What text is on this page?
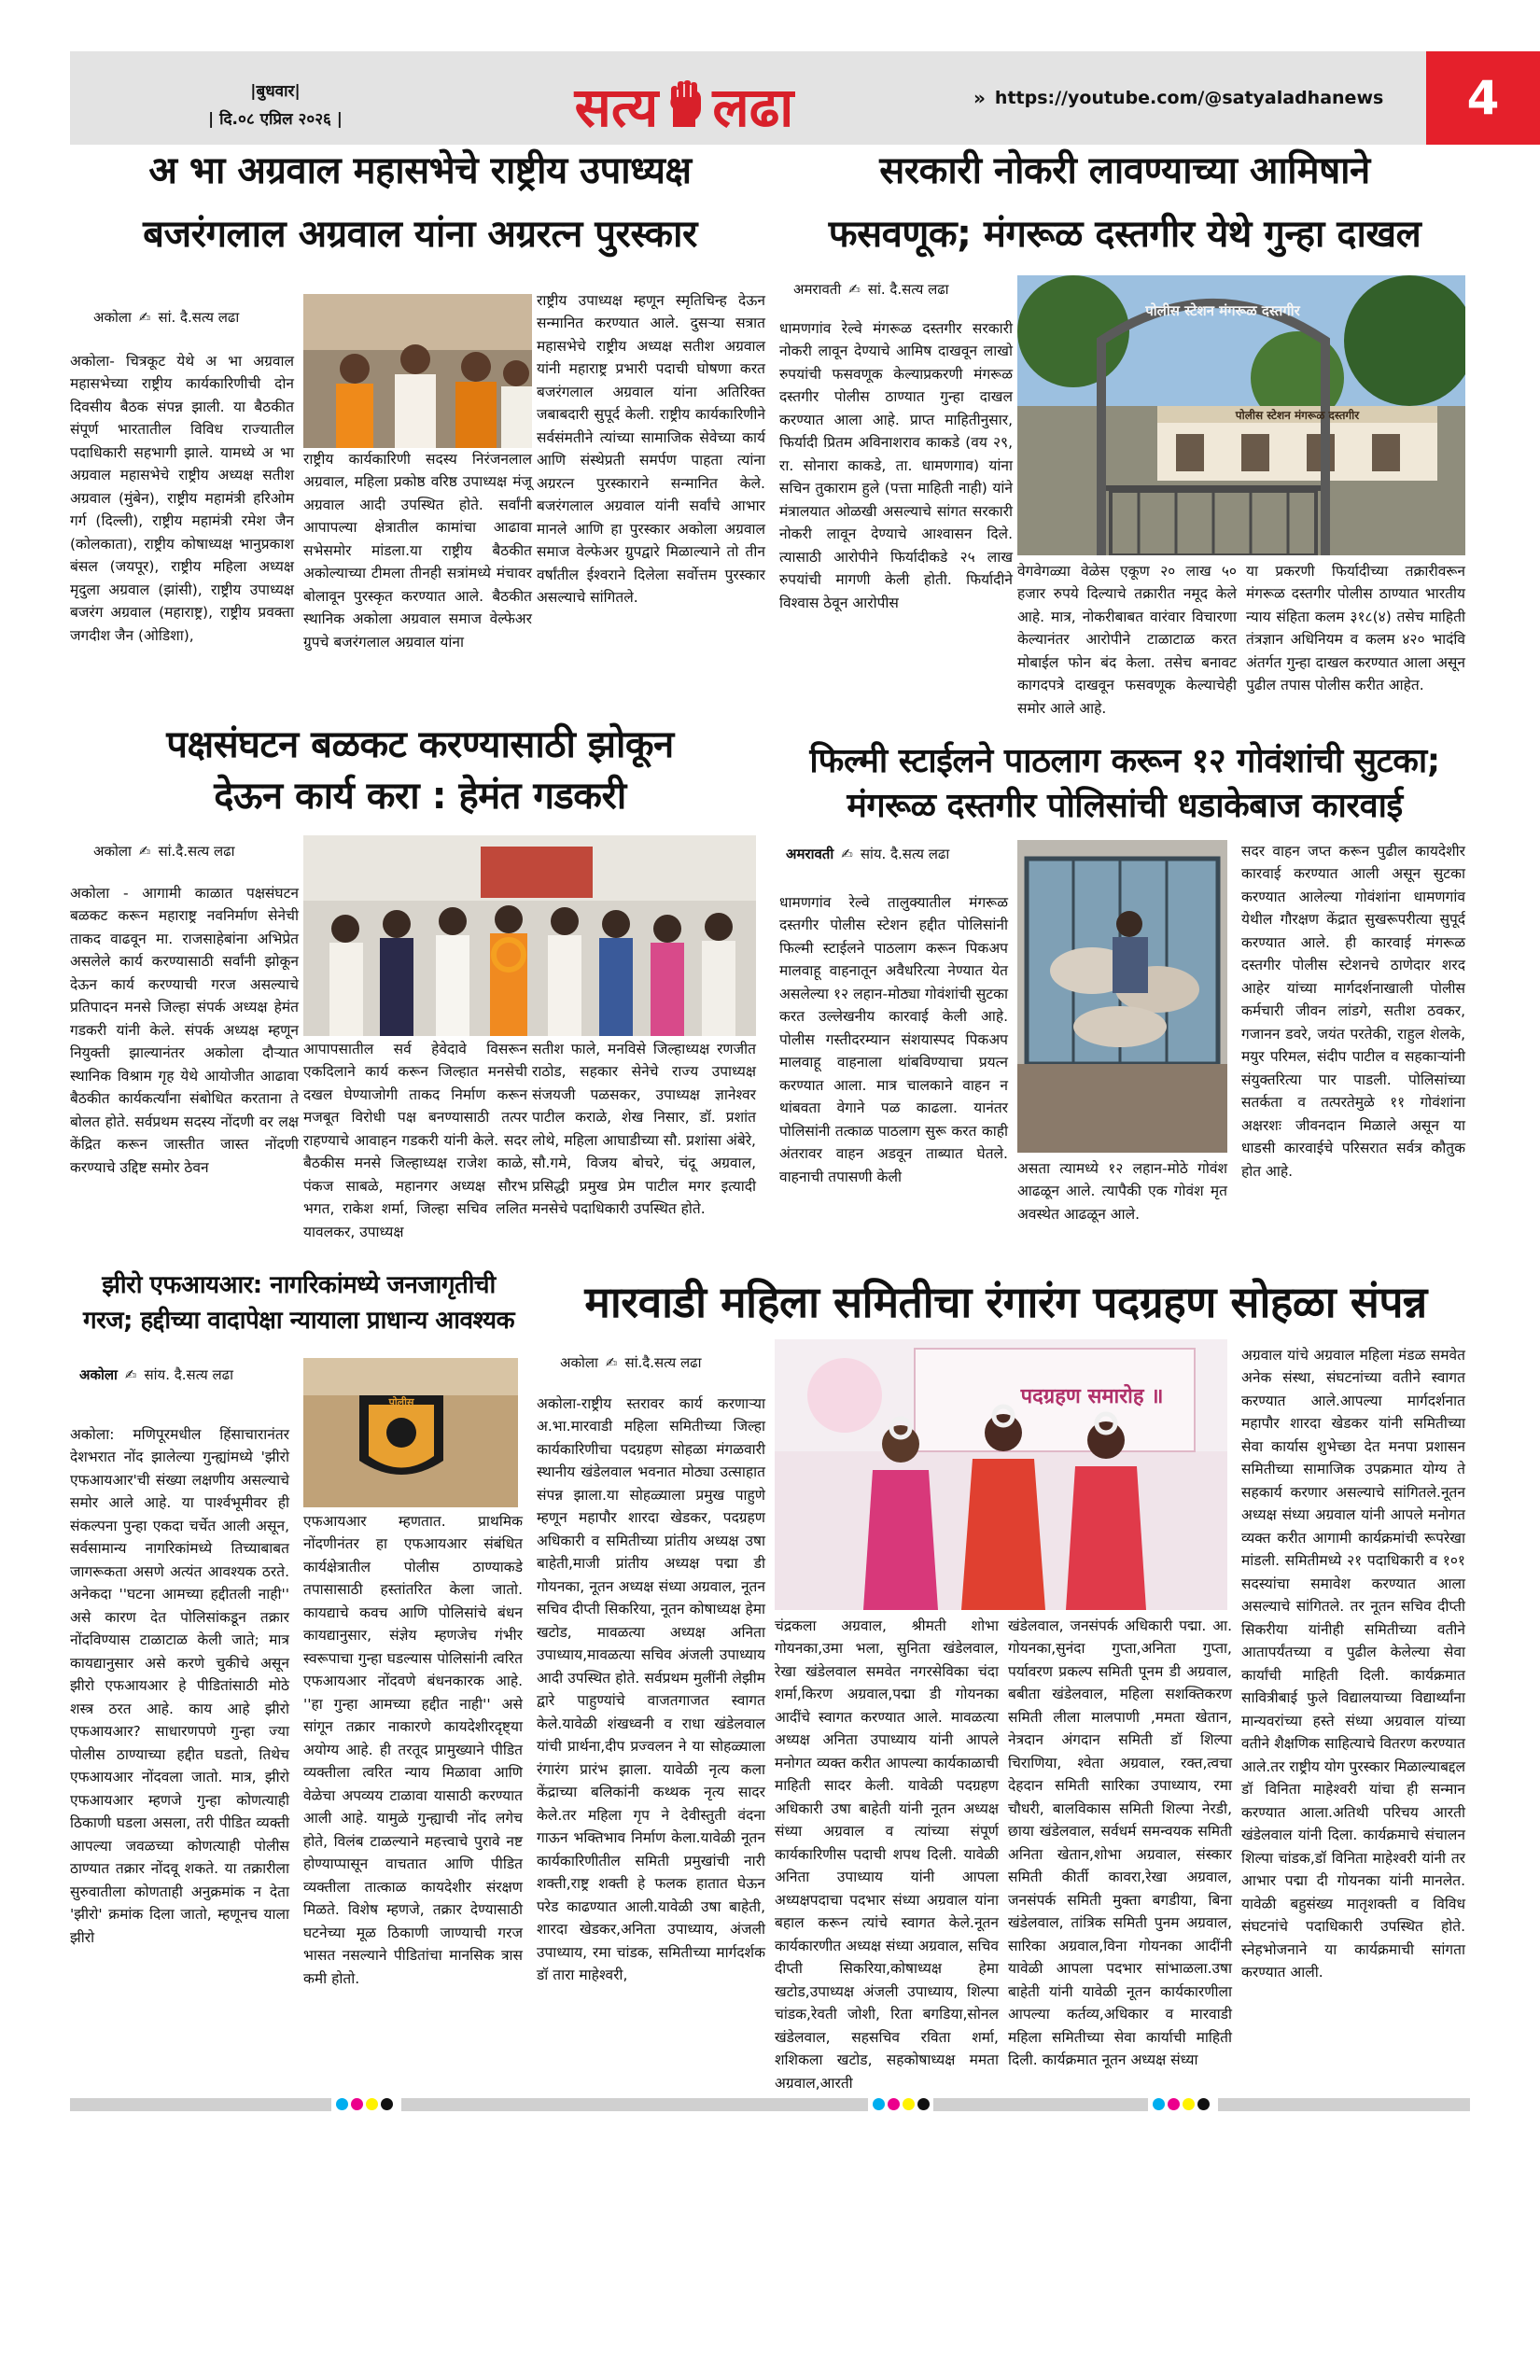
|बुधवार|
| दि.०८ एप्रिल २०२६ |	सत्य लढा	» https://youtube.com/@satyaladhanews	4
अ भा अग्रवाल महासभेचे राष्ट्रीय उपाध्यक्ष
बजरंगलाल अग्रवाल यांना अग्ररत्न पुरस्कार
अकोला ✍ सां. दै.सत्य लढा
अकोला- चित्रकूट येथे अ भा अग्रवाल महासभेच्या राष्ट्रीय कार्यकारिणीची दोन दिवसीय बैठक संपन्न झाली. या बैठकीत संपूर्ण भारतातील विविध राज्यातील पदाधिकारी सहभागी झाले. यामध्ये अ भा अग्रवाल महासभेचे राष्ट्रीय अध्यक्ष सतीश अग्रवाल (मुंबेन), राष्ट्रीय महामंत्री हरिओम गर्ग (दिल्ली), राष्ट्रीय महामंत्री रमेश जैन (कोलकाता), राष्ट्रीय कोषाध्यक्ष भानुप्रकाश बंसल (जयपूर), राष्ट्रीय महिला अध्यक्ष मृदुला अग्रवाल (झांसी), राष्ट्रीय उपाध्यक्ष बजरंग अग्रवाल (महाराष्ट्र), राष्ट्रीय प्रवक्ता जगदीश जैन (ओडिशा),
राष्ट्रीय कार्यकारिणी सदस्य निरंजनलाल अग्रवाल, महिला प्रकोष्ठ वरिष्ठ उपाध्यक्ष मंजू अग्रवाल आदी उपस्थित होते. सर्वांनी आपापल्या क्षेत्रातील कामांचा आढावा सभेसमोर मांडला.या राष्ट्रीय बैठकीत अकोल्याच्या टीमला तीनही सत्रांमध्ये मंचावर बोलावून पुरस्कृत करण्यात आले. बैठकीत स्थानिक अकोला अग्रवाल समाज वेल्फेअर ग्रुपचे बजरंगलाल अग्रवाल यांना
राष्ट्रीय उपाध्यक्ष म्हणून स्मृतिचिन्ह देऊन सन्मानित करण्यात आले. दुसऱ्या सत्रात महासभेचे राष्ट्रीय अध्यक्ष सतीश अग्रवाल यांनी महाराष्ट्र प्रभारी पदाची घोषणा करत बजरंगलाल अग्रवाल यांना अतिरिक्त जबाबदारी सुपूर्द केली. राष्ट्रीय कार्यकारिणीने सर्वसंमतीने त्यांच्या सामाजिक सेवेच्या कार्य आणि संस्थेप्रती समर्पण पाहता त्यांना अग्ररत्न पुरस्काराने सन्मानित केले. बजरंगलाल अग्रवाल यांनी सर्वांचे आभार मानले आणि हा पुरस्कार अकोला अग्रवाल समाज वेल्फेअर ग्रुपद्वारे मिळाल्याने तो तीन वर्षांतील ईश्वराने दिलेला सर्वोत्तम पुरस्कार असल्याचे सांगितले.
सरकारी नोकरी लावण्याच्या आमिषाने
फसवणूक; मंगरूळ दस्तगीर येथे गुन्हा दाखल
अमरावती ✍ सां. दै.सत्य लढा
धामणगांव रेल्वे मंगरूळ दस्तगीर सरकारी नोकरी लावून देण्याचे आमिष दाखवून लाखो रुपयांची फसवणूक केल्याप्रकरणी मंगरूळ दस्तगीर पोलीस ठाण्यात गुन्हा दाखल करण्यात आला आहे. प्राप्त माहितीनुसार, फिर्यादी प्रितम अविनाशराव काकडे (वय २९, रा. सोनारा काकडे, ता. धामणगाव) यांना सचिन तुकाराम हुले (पत्ता माहिती नाही) यांने मंत्रालयात ओळखी असल्याचे सांगत सरकारी नोकरी लावून देण्याचे आश्वासन दिले. त्यासाठी आरोपीने फिर्यादीकडे २५ लाख रुपयांची मागणी केली होती. फिर्यादीने विश्वास ठेवून आरोपीस
पोलीस स्टेशन मंगरूळ दस्तगीर
पोलीस स्टेशन मंगरूळ दस्तगीर
वेगवेगळ्या वेळेस एकूण २० लाख ५० हजार रुपये दिल्याचे तक्रारीत नमूद केले आहे. मात्र, नोकरीबाबत वारंवार विचारणा केल्यानंतर आरोपीने टाळाटाळ करत मोबाईल फोन बंद केला. तसेच बनावट कागदपत्रे दाखवून फसवणूक केल्याचेही समोर आले आहे.
या प्रकरणी फिर्यादीच्या तक्रारीवरून मंगरूळ दस्तगीर पोलीस ठाण्यात भारतीय न्याय संहिता कलम ३१८(४) तसेच माहिती तंत्रज्ञान अधिनियम व कलम ४२० भादंवि अंतर्गत गुन्हा दाखल करण्यात आला असून पुढील तपास पोलीस करीत आहेत.
पक्षसंघटन बळकट करण्यासाठी झोकून
देऊन कार्य करा : हेमंत गडकरी
अकोला ✍ सां.दै.सत्य लढा
अकोला - आगामी काळात पक्षसंघटन बळकट करून महाराष्ट्र नवनिर्माण सेनेची ताकद वाढवून मा. राजसाहेबांना अभिप्रेत असलेले कार्य करण्यासाठी सर्वांनी झोकून देऊन कार्य करण्याची गरज असल्याचे प्रतिपादन मनसे जिल्हा संपर्क अध्यक्ष हेमंत गडकरी यांनी केले. संपर्क अध्यक्ष म्हणून नियुक्ती झाल्यानंतर अकोला दौऱ्यात स्थानिक विश्राम गृह येथे आयोजीत आढावा बैठकीत कार्यकर्त्यांना संबोधित करताना ते बोलत होते. सर्वप्रथम सदस्य नोंदणी वर लक्ष केंद्रित करून जास्तीत जास्त नोंदणी करण्याचे उद्दिष्ट समोर ठेवन
आपापसातील सर्व हेवेदावे विसरून एकदिलाने कार्य करून जिल्हात मनसेची दखल घेण्याजोगी ताकद निर्माण करून मजबूत विरोधी पक्ष बनण्यासाठी तत्पर राहण्याचे आवाहन गडकरी यांनी केले. सदर बैठकीस मनसे जिल्हाध्यक्ष राजेश काळे, पंकज साबळे, महानगर अध्यक्ष सौरभ भगत, राकेश शर्मा, जिल्हा सचिव ललित यावलकर, उपाध्यक्ष
सतीश फाले, मनविसे जिल्हाध्यक्ष रणजीत राठोड, सहकार सेनेचे राज्य उपाध्यक्ष संजयजी पळसकर, उपाध्यक्ष ज्ञानेश्वर पाटील कराळे, शेख निसार, डॉ. प्रशांत लोथे, महिला आघाडीच्या सौ. प्रशांसा अंबेरे, सौ.गमे, विजय बोचरे, चंदू अग्रवाल, प्रसिद्धी प्रमुख प्रेम पाटील मगर इत्यादी मनसेचे पदाधिकारी उपस्थित होते.
फिल्मी स्टाईलने पाठलाग करून १२ गोवंशांची सुटका;
मंगरूळ दस्तगीर पोलिसांची धडाकेबाज कारवाई
अमरावती ✍ सांय. दै.सत्य लढा
धामणगांव रेल्वे तालुक्यातील मंगरूळ दस्तगीर पोलीस स्टेशन हद्दीत पोलिसांनी फिल्मी स्टाईलने पाठलाग करून पिकअप मालवाहू वाहनातून अवैधरित्या नेण्यात येत असलेल्या १२ लहान-मोठ्या गोवंशांची सुटका करत उल्लेखनीय कारवाई केली आहे. पोलीस गस्तीदरम्यान संशयास्पद पिकअप मालवाहू वाहनाला थांबविण्याचा प्रयत्न करण्यात आला. मात्र चालकाने वाहन न थांबवता वेगाने पळ काढला. यानंतर पोलिसांनी तत्काळ पाठलाग सुरू करत काही अंतरावर वाहन अडवून ताब्यात घेतले. वाहनाची तपासणी केली	असता त्यामध्ये १२ लहान-मोठे गोवंश आढळून आले. त्यापैकी एक गोवंश मृत अवस्थेत आढळून आले.
सदर वाहन जप्त करून पुढील कायदेशीर कारवाई करण्यात आली असून सुटका करण्यात आलेल्या गोवंशांना धामणगांव येथील गौरक्षण केंद्रात सुखरूपरीत्या सुपूर्द करण्यात आले. ही कारवाई मंगरूळ दस्तगीर पोलीस स्टेशनचे ठाणेदार शरद आहेर यांच्या मार्गदर्शनाखाली पोलीस कर्मचारी जीवन लांडगे, सतीश ठवकर, गजानन डवरे, जयंत परतेकी, राहुल शेलके, मयुर परिमल, संदीप पाटील व सहकाऱ्यांनी संयुक्तरित्या पार पाडली. पोलिसांच्या सतर्कता व तत्परतेमुळे ११ गोवंशांना अक्षरशः जीवनदान मिळाले असून या धाडसी कारवाईचे परिसरात सर्वत्र कौतुक होत आहे.
झीरो एफआयआर: नागरिकांमध्ये जनजागृतीची
गरज; हद्दीच्या वादापेक्षा न्यायाला प्राधान्य आवश्यक
अकोला ✍ सांय. दै.सत्य लढा
अकोला: मणिपूरमधील हिंसाचारानंतर देशभरात नोंद झालेल्या गुन्ह्यांमध्ये 'झीरो एफआयआर'ची संख्या लक्षणीय असल्याचे समोर आले आहे. या पार्श्वभूमीवर ही संकल्पना पुन्हा एकदा चर्चेत आली असून, सर्वसामान्य नागरिकांमध्ये तिच्याबाबत जागरूकता असणे अत्यंत आवश्यक ठरते. अनेकदा ''घटना आमच्या हद्दीतली नाही'' असे कारण देत पोलिसांकडून तक्रार नोंदविण्यास टाळाटाळ केली जाते; मात्र कायद्यानुसार असे करणे चुकीचे असून झीरो एफआयआर हे पीडितांसाठी मोठे शस्त्र ठरत आहे. काय आहे झीरो एफआयआर? साधारणपणे गुन्हा ज्या पोलीस ठाण्याच्या हद्दीत घडतो, तिथेच एफआयआर नोंदवला जातो. मात्र, झीरो एफआयआर म्हणजे गुन्हा कोणत्याही ठिकाणी घडला असला, तरी पीडित व्यक्ती आपल्या जवळच्या कोणत्याही पोलीस ठाण्यात तक्रार नोंदवू शकते. या तक्रारीला सुरुवातीला कोणताही अनुक्रमांक न देता 'झीरो' क्रमांक दिला जातो, म्हणूनच याला झीरो
पोलीस
एफआयआर म्हणतात. प्राथमिक नोंदणीनंतर हा एफआयआर संबंधित कार्यक्षेत्रातील पोलीस ठाण्याकडे तपासासाठी हस्तांतरित केला जातो. कायद्याचे कवच आणि पोलिसांचे बंधन कायद्यानुसार, संज्ञेय म्हणजेच गंभीर स्वरूपाचा गुन्हा घडल्यास पोलिसांनी त्वरित एफआयआर नोंदवणे बंधनकारक आहे. ''हा गुन्हा आमच्या हद्दीत नाही'' असे सांगून तक्रार नाकारणे कायदेशीरदृष्ट्या अयोग्य आहे. ही तरतूद प्रामुख्याने पीडित व्यक्तीला त्वरित न्याय मिळावा आणि वेळेचा अपव्यय टाळावा यासाठी करण्यात आली आहे. यामुळे गुन्ह्याची नोंद लगेच होते, विलंब टाळल्याने महत्त्वाचे पुरावे नष्ट होण्याप्पासून वाचतात आणि पीडित व्यक्तीला तात्काळ कायदेशीर संरक्षण मिळते. विशेष म्हणजे, तक्रार देण्यासाठी घटनेच्या मूळ ठिकाणी जाण्याची गरज भासत नसल्याने पीडितांचा मानसिक त्रास कमी होतो.
मारवाडी महिला समितीचा रंगारंग पदग्रहण सोहळा संपन्न
अकोला ✍ सां.दै.सत्य लढा
अकोला-राष्ट्रीय स्तरावर कार्य करणाऱ्या अ.भा.मारवाडी महिला समितीच्या जिल्हा कार्यकारिणीचा पदग्रहण सोहळा मंगळवारी स्थानीय खंडेलवाल भवनात मोठ्या उत्साहात संपन्न झाला.या सोहळ्याला प्रमुख पाहुणे म्हणून महापौर शारदा खेडकर, पदग्रहण अधिकारी व समितीच्या प्रांतीय अध्यक्ष उषा बाहेती,माजी प्रांतीय अध्यक्ष पद्मा डी गोयनका, नूतन अध्यक्ष संध्या अग्रवाल, नूतन सचिव दीप्ती सिकरिया, नूतन कोषाध्यक्ष हेमा खटोड, मावळत्या अध्यक्ष अनिता उपाध्याय,मावळत्या सचिव अंजली उपाध्याय आदी उपस्थित होते. सर्वप्रथम मुलींनी लेझीम द्वारे पाहुण्यांचे वाजतगाजत स्वागत केले.यावेळी शंखध्वनी व राधा खंडेलवाल यांची प्रार्थना,दीप प्रज्वलन ने या सोहळ्याला रंगारंग प्रारंभ झाला. यावेळी नृत्य कला केंद्राच्या बलिकांनी कथ्थक नृत्य सादर केले.तर महिला गृप ने देवीस्तुती वंदना गाऊन भक्तिभाव निर्माण केला.यावेळी नूतन कार्यकारिणीतील समिती प्रमुखांची नारी शक्ती,राष्ट्र शक्ती हे फलक हातात घेऊन परेड काढण्यात आली.यावेळी उषा बाहेती, शारदा खेडकर,अनिता उपाध्याय, अंजली उपाध्याय, रमा चांडक, समितीच्या मार्गदर्शक डॉ तारा माहेश्वरी,
पदग्रहण समारोह ॥
चंद्रकला अग्रवाल, श्रीमती शोभा गोयनका,उमा भला, सुनिता खंडेलवाल, रेखा खंडेलवाल समवेत नगरसेविका चंदा शर्मा,किरण अग्रवाल,पद्मा डी गोयनका आदींचे स्वागत करण्यात आले. मावळत्या अध्यक्ष अनिता उपाध्याय यांनी आपले मनोगत व्यक्त करीत आपल्या कार्यकाळाची माहिती सादर केली. यावेळी पदग्रहण अधिकारी उषा बाहेती यांनी नूतन अध्यक्ष संध्या अग्रवाल व त्यांच्या संपूर्ण कार्यकारिणीस पदाची शपथ दिली. यावेळी अनिता उपाध्याय यांनी आपला अध्यक्षपदाचा पदभार संध्या अग्रवाल यांना बहाल करून त्यांचे स्वागत केले.नूतन कार्यकारणीत अध्यक्ष संध्या अग्रवाल, सचिव दीप्ती सिकरिया,कोषाध्यक्ष हेमा खटोड,उपाध्यक्ष अंजली उपाध्याय, शिल्पा चांडक,रेवती जोशी, रिता बगडिया,सोनल खंडेलवाल, सहसचिव रविता शर्मा, शशिकला खटोड, सहकोषाध्यक्ष ममता अग्रवाल,आरती
खंडेलवाल, जनसंपर्क अधिकारी पद्मा. आ. गोयनका,सुनंदा गुप्ता,अनिता गुप्ता, पर्यावरण प्रकल्प समिती पूनम डी अग्रवाल, बबीता खंडेलवाल, महिला सशक्तिकरण समिती लीला मालपाणी ,ममता खेतान, नेत्रदान अंगदान समिती डॉ शिल्पा चिराणिया, श्वेता अग्रवाल, रक्त,त्वचा देहदान समिती सारिका उपाध्याय, रमा चौधरी, बालविकास समिती शिल्पा नेरडी, छाया खंडेलवाल, सर्वधर्म समन्वयक समिती अनिता खेतान,शोभा अग्रवाल, संस्कार समिती कीर्ती कावरा,रेखा अग्रवाल, जनसंपर्क समिती मुक्ता बगडीया, बिना खंडेलवाल, तांत्रिक समिती पुनम अग्रवाल, सारिका अग्रवाल,विना गोयनका आदींनी यावेळी आपला पदभार सांभाळला.उषा बाहेती यांनी यावेळी नूतन कार्यकारणीला आपल्या कर्तव्य,अधिकार व मारवाडी महिला समितीच्या सेवा कार्याची माहिती दिली. कार्यक्रमात नूतन अध्यक्ष संध्या
अग्रवाल यांचे अग्रवाल महिला मंडळ समवेत अनेक संस्था, संघटनांच्या वतीने स्वागत करण्यात आले.आपल्या मार्गदर्शनात महापौर शारदा खेडकर यांनी समितीच्या सेवा कार्यास शुभेच्छा देत मनपा प्रशासन समितीच्या सामाजिक उपक्रमात योग्य ते सहकार्य करणार असल्याचे सांगितले.नूतन अध्यक्ष संध्या अग्रवाल यांनी आपले मनोगत व्यक्त करीत आगामी कार्यक्रमांची रूपरेखा मांडली. समितीमध्ये २१ पदाधिकारी व १०१ सदस्यांचा समावेश करण्यात आला असल्याचे सांगितले. तर नूतन सचिव दीप्ती सिकरीया यांनीही समितीच्या वतीने आतापर्यंतच्या व पुढील केलेल्या सेवा कार्यांची माहिती दिली. कार्यक्रमात सावित्रीबाई फुले विद्यालयाच्या विद्यार्थ्यांना मान्यवरांच्या हस्ते संध्या अग्रवाल यांच्या वतीने शैक्षणिक साहित्याचे वितरण करण्यात आले.तर राष्ट्रीय योग पुरस्कार मिळाल्याबद्दल डॉ विनिता माहेश्वरी यांचा ही सन्मान करण्यात आला.अतिथी परिचय आरती खंडेलवाल यांनी दिला. कार्यक्रमाचे संचालन शिल्पा चांडक,डॉ विनिता माहेश्वरी यांनी तर आभार पद्मा दी गोयनका यांनी मानलेत. यावेळी बहुसंख्य मातृशक्ती व विविध संघटनांचे पदाधिकारी उपस्थित होते. स्नेहभोजनाने या कार्यक्रमाची सांगता करण्यात आली.
